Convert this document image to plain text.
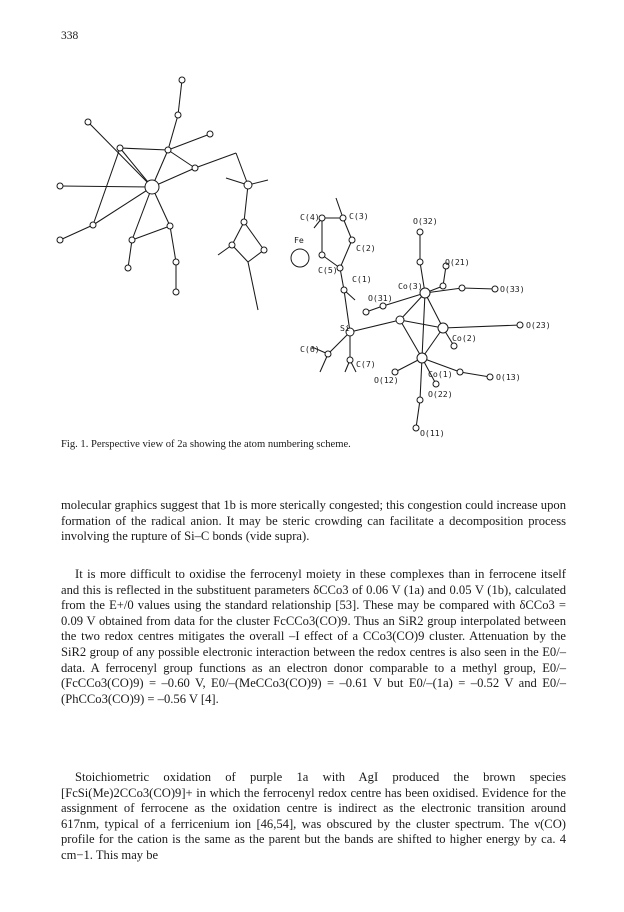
338
C(4)	C(3)
Fe
C(2)
C(5)
C(1)
O(31)
Co(3)
O(32)
O(21)
O(33)
O(23)
Si
Co(2)
C(6)
C(7)
O(12)
Co(1)	O(13)
O(22)
O(11)
Fig. 1. Perspective view of 2a showing the atom numbering scheme.

molecular graphics suggest that 1b is more sterically congested; this congestion could increase upon formation of the radical anion. It may be steric crowding can facilitate a decomposition process involving the rupture of Si–C bonds (vide supra).

It is more difficult to oxidise the ferrocenyl moiety in these complexes than in ferrocene itself and this is reflected in the substituent parameters δCCo3 of 0.06 V (1a) and 0.05 V (1b), calculated from the E+/0 values using the standard relationship [53]. These may be compared with δCCo3 = 0.09 V obtained from data for the cluster FcCCo3(CO)9. Thus an SiR2 group interpolated between the two redox centres mitigates the overall –I effect of a CCo3(CO)9 cluster. Attenuation by the SiR2 group of any possible electronic interaction between the redox centres is also seen in the E0/– data. A ferrocenyl group functions as an electron donor comparable to a methyl group, E0/–(FcCCo3(CO)9) = –0.60 V, E0/–(MeCCo3(CO)9) = –0.61 V but E0/–(1a) = –0.52 V and E0/–(PhCCo3(CO)9) = –0.56 V [4].

Stoichiometric oxidation of purple 1a with AgI produced the brown species [FcSi(Me)2CCo3(CO)9]+ in which the ferrocenyl redox centre has been oxidised. Evidence for the assignment of ferrocene as the oxidation centre is indirect as the electronic transition around 617nm, typical of a ferricenium ion [46,54], was obscured by the cluster spectrum. The ν(CO) profile for the cation is the same as the parent but the bands are shifted to higher energy by ca. 4 cm−1. This may be
